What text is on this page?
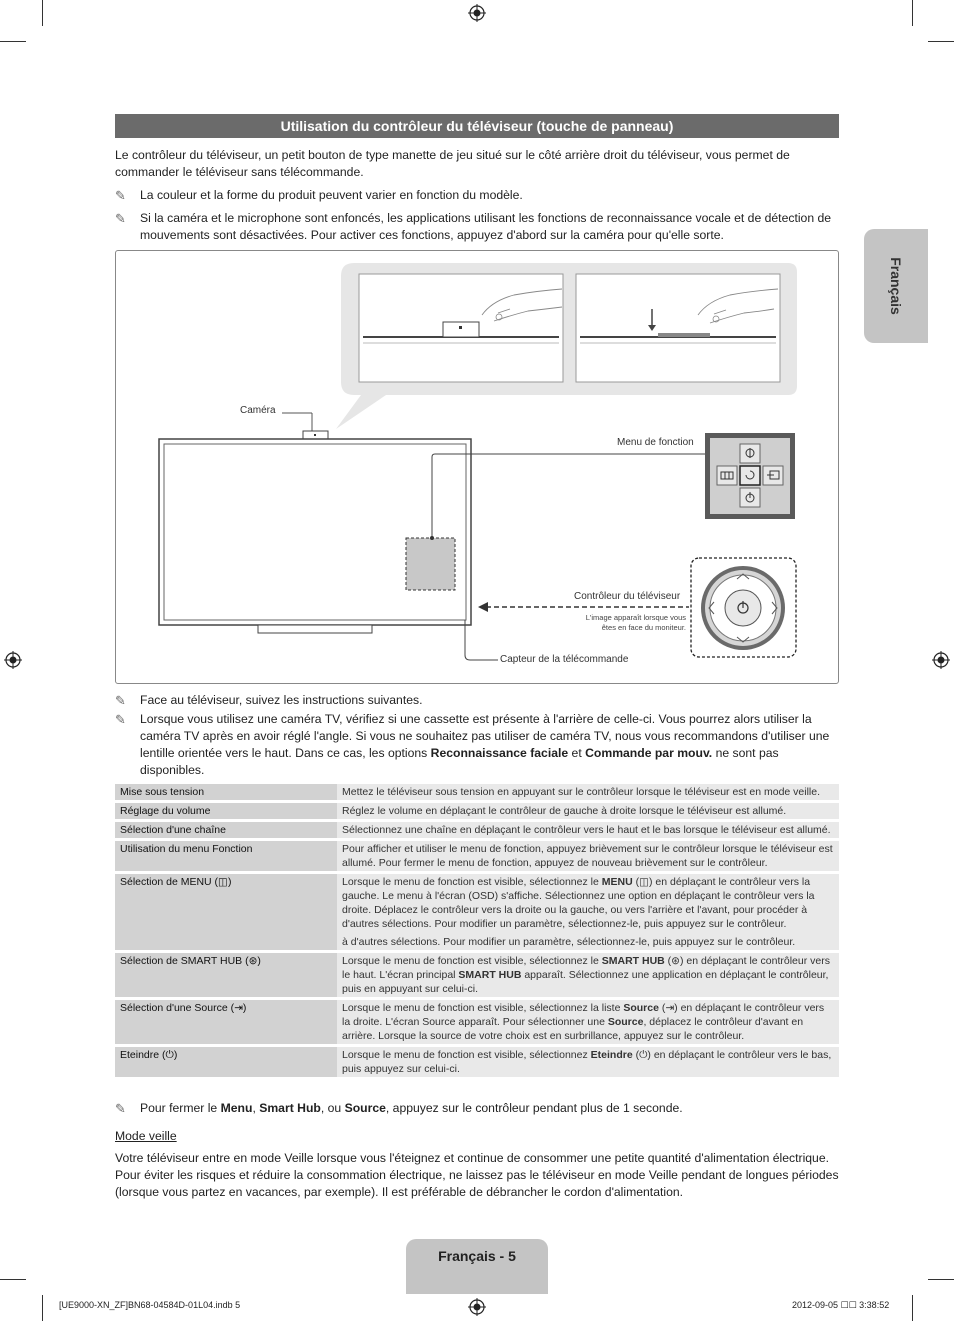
Utilisation du contrôleur du téléviseur (touche de panneau)
Français

Le contrôleur du téléviseur, un petit bouton de type manette de jeu situé sur le côté arrière droit du téléviseur, vous permet de commander le téléviseur sans télécommande.

✎	La couleur et la forme du produit peuvent varier en fonction du modèle.
✎	Si la caméra et le microphone sont enfoncés, les applications utilisant les fonctions de reconnaissance vocale et de détection de mouvements sont désactivées. Pour activer ces fonctions, appuyez d'abord sur la caméra pour qu'elle sorte.
Caméra
Menu de fonction
Contrôleur du téléviseur
L'image apparaît lorsque vous
êtes en face du moniteur.
Capteur de la télécommande
✎	Face au téléviseur, suivez les instructions suivantes.
✎	Lorsque vous utilisez une caméra TV, vérifiez si une cassette est présente à l'arrière de celle-ci. Vous pourrez alors utiliser la caméra TV après en avoir réglé l'angle. Si vous ne souhaitez pas utiliser de caméra TV, nous vous recommandons d'utiliser une lentille orientée vers le haut. Dans ce cas, les options Reconnaissance faciale et Commande par mouv. ne sont pas disponibles.
Mise sous tension	Mettez le téléviseur sous tension en appuyant sur le contrôleur lorsque le téléviseur est en mode veille.
Réglage du volume	Réglez le volume en déplaçant le contrôleur de gauche à droite lorsque le téléviseur est allumé.
Sélection d'une chaîne	Sélectionnez une chaîne en déplaçant le contrôleur vers le haut et le bas lorsque le téléviseur est allumé.
Utilisation du menu Fonction	Pour afficher et utiliser le menu de fonction, appuyez brièvement sur le contrôleur lorsque le téléviseur est allumé. Pour fermer le menu de fonction, appuyez de nouveau brièvement sur le contrôleur.
Sélection de MENU (◫)	Lorsque le menu de fonction est visible, sélectionnez le MENU (◫) en déplaçant le contrôleur vers la gauche. Le menu à l'écran (OSD) s'affiche. Sélectionnez une option en déplaçant le contrôleur vers la droite. Déplacez le contrôleur vers la droite ou la gauche, ou vers l'arrière et l'avant, pour procéder à d'autres sélections. Pour modifier un paramètre, sélectionnez-le, puis appuyez sur le contrôleur.

à d'autres sélections. Pour modifier un paramètre, sélectionnez-le, puis appuyez sur le contrôleur.

Sélection de SMART HUB (⊛)	Lorsque le menu de fonction est visible, sélectionnez le SMART HUB (⊛) en déplaçant le contrôleur vers le haut. L'écran principal SMART HUB apparaît. Sélectionnez une application en déplaçant le contrôleur, puis en appuyant sur celui-ci.

Sélection d'une Source (⇥)	Lorsque le menu de fonction est visible, sélectionnez la liste Source (⇥) en déplaçant le contrôleur vers la droite. L'écran Source apparaît. Pour sélectionner une Source, déplacez le contrôleur d'avant en arrière. Lorsque la source de votre choix est en surbrillance, appuyez sur le contrôleur.

Eteindre (⏻)	Lorsque le menu de fonction est visible, sélectionnez Eteindre (⏻) en déplaçant le contrôleur vers le bas, puis appuyez sur celui-ci.

✎	Pour fermer le Menu, Smart Hub, ou Source, appuyez sur le contrôleur pendant plus de 1 seconde.
Mode veille

Votre téléviseur entre en mode Veille lorsque vous l'éteignez et continue de consommer une petite quantité d'alimentation électrique. Pour éviter les risques et réduire la consommation électrique, ne laissez pas le téléviseur en mode Veille pendant de longues périodes (lorsque vous partez en vacances, par exemple). Il est préférable de débrancher le cordon d'alimentation.

Français - 5
[UE9000-XN_ZF]BN68-04584D-01L04.indb 5	2012-09-05 ☐☐ 3:38:52
